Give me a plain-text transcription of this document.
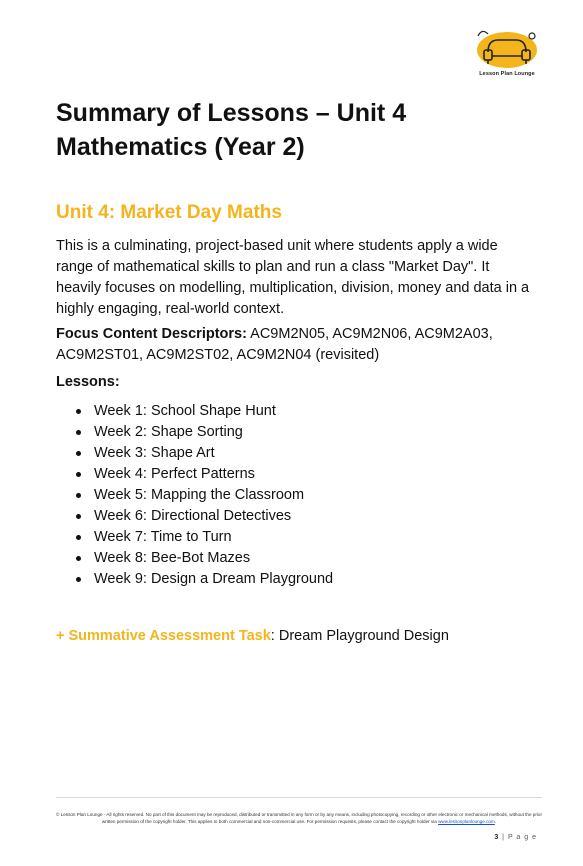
Lesson Plan Lounge
Summary of Lessons – Unit 4 Mathematics (Year 2)
Unit 4: Market Day Maths

This is a culminating, project-based unit where students apply a wide range of mathematical skills to plan and run a class "Market Day". It heavily focuses on modelling, multiplication, division, money and data in a highly engaging, real-world context.

Focus Content Descriptors: AC9M2N05, AC9M2N06, AC9M2A03, AC9M2ST01, AC9M2ST02, AC9M2N04 (revisited)

Lessons:

Week 1: School Shape Hunt
Week 2: Shape Sorting
Week 3: Shape Art
Week 4: Perfect Patterns
Week 5: Mapping the Classroom
Week 6: Directional Detectives
Week 7: Time to Turn
Week 8: Bee-Bot Mazes
Week 9: Design a Dream Playground

+ Summative Assessment Task: Dream Playground Design

© Lesson Plan Lounge - All rights reserved. No part of this document may be reproduced, distributed or transmitted in any form or by any means, including photocopying, recording or other electronic or mechanical methods, without the prior written permission of the copyright holder. This applies to both commercial and non-commercial use. For permission requests, please contact the copyright holder via www.lessonplanlounge.com.

3 | P a g e
